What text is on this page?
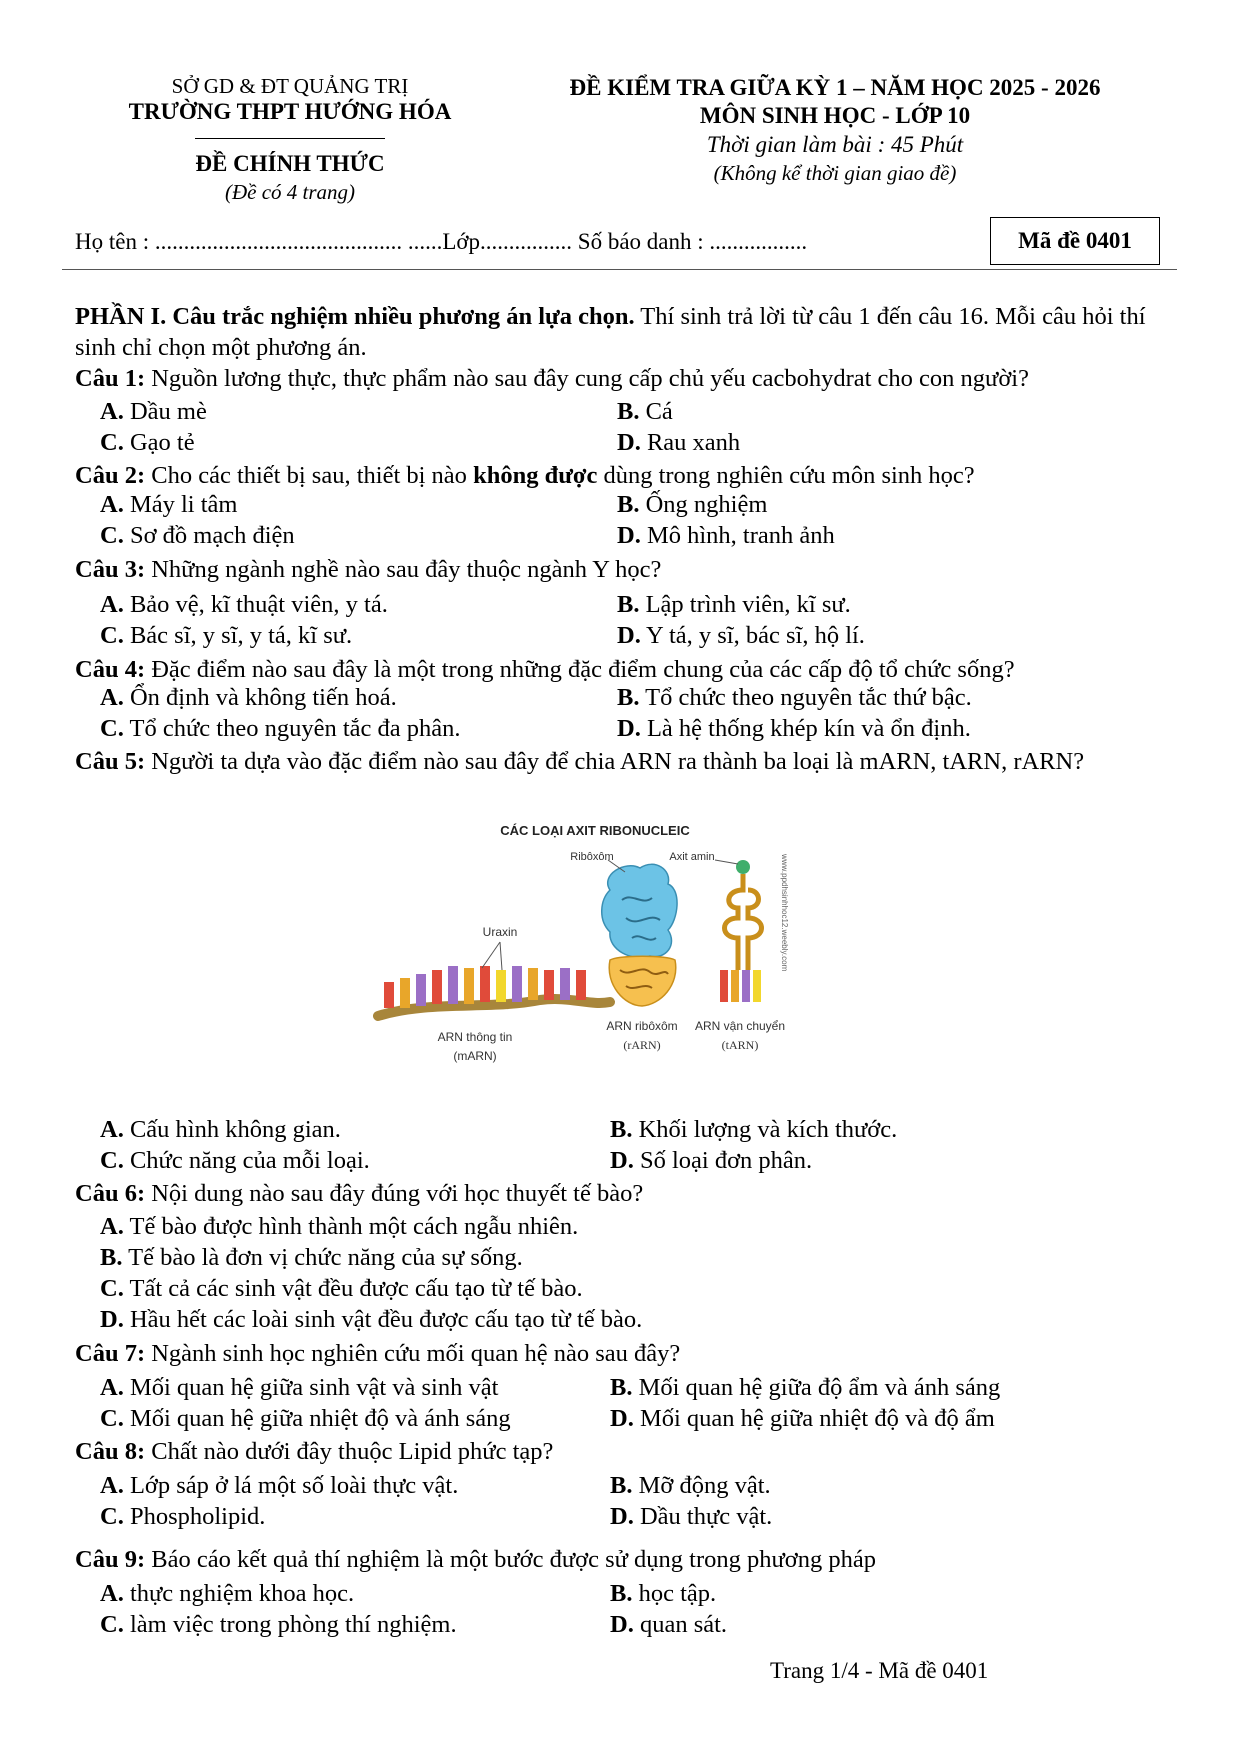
SỞ GD & ĐT QUẢNG TRỊ
TRƯỜNG THPT HƯỚNG HÓA
ĐỀ CHÍNH THỨC
(Đề có 4 trang)
ĐỀ KIỂM TRA GIỮA KỲ 1 – NĂM HỌC 2025 - 2026
MÔN SINH HỌC - LỚP 10
Thời gian làm bài : 45 Phút
(Không kể thời gian giao đề)
Họ tên : ........................................... ......Lớp................ Số báo danh : .................	Mã đề 0401
PHẦN I. Câu trắc nghiệm nhiều phương án lựa chọn. Thí sinh trả lời từ câu 1 đến câu 16. Mỗi câu hỏi thí sinh chỉ chọn một phương án.
Câu 1: Nguồn lương thực, thực phẩm nào sau đây cung cấp chủ yếu cacbohydrat cho con người?
A. Dầu mè	B. Cá
C. Gạo tẻ	D. Rau xanh
Câu 2: Cho các thiết bị sau, thiết bị nào không được dùng trong nghiên cứu môn sinh học?
A. Máy li tâm	B. Ống nghiệm
C. Sơ đồ mạch điện	D. Mô hình, tranh ảnh
Câu 3: Những ngành nghề nào sau đây thuộc ngành Y học?
A. Bảo vệ, kĩ thuật viên, y tá.	B. Lập trình viên, kĩ sư.
C. Bác sĩ, y sĩ, y tá, kĩ sư.	D. Y tá, y sĩ, bác sĩ, hộ lí.
Câu 4: Đặc điểm nào sau đây là một trong những đặc điểm chung của các cấp độ tổ chức sống?
A. Ổn định và không tiến hoá.	B. Tổ chức theo nguyên tắc thứ bậc.
C. Tổ chức theo nguyên tắc đa phân.	D. Là hệ thống khép kín và ổn định.
Câu 5: Người ta dựa vào đặc điểm nào sau đây để chia ARN ra thành ba loại là mARN, tARN, rARN?
CÁC LOẠI AXIT RIBONUCLEIC
Uraxin
ARN thông tin
(mARN)
Ribôxôm
ARN ribôxôm
(rARN)
Axit amin	www.ppdhsinhhoc12.weebly.com
ARN vận chuyển
(tARN)
A. Cấu hình không gian.	B. Khối lượng và kích thước.
C. Chức năng của mỗi loại.	D. Số loại đơn phân.
Câu 6: Nội dung nào sau đây đúng với học thuyết tế bào?
A. Tế bào được hình thành một cách ngẫu nhiên.
B. Tế bào là đơn vị chức năng của sự sống.
C. Tất cả các sinh vật đều được cấu tạo từ tế bào.
D. Hầu hết các loài sinh vật đều được cấu tạo từ tế bào.
Câu 7: Ngành sinh học nghiên cứu mối quan hệ nào sau đây?
A. Mối quan hệ giữa sinh vật và sinh vật	B. Mối quan hệ giữa độ ẩm và ánh sáng
C. Mối quan hệ giữa nhiệt độ và ánh sáng	D. Mối quan hệ giữa nhiệt độ và độ ẩm
Câu 8: Chất nào dưới đây thuộc Lipid phức tạp?
A. Lớp sáp ở lá một số loài thực vật.	B. Mỡ động vật.
C. Phospholipid.	D. Dầu thực vật.
Câu 9: Báo cáo kết quả thí nghiệm là một bước được sử dụng trong phương pháp
A. thực nghiệm khoa học.	B. học tập.
C. làm việc trong phòng thí nghiệm.	D. quan sát.
Trang 1/4 - Mã đề 0401
